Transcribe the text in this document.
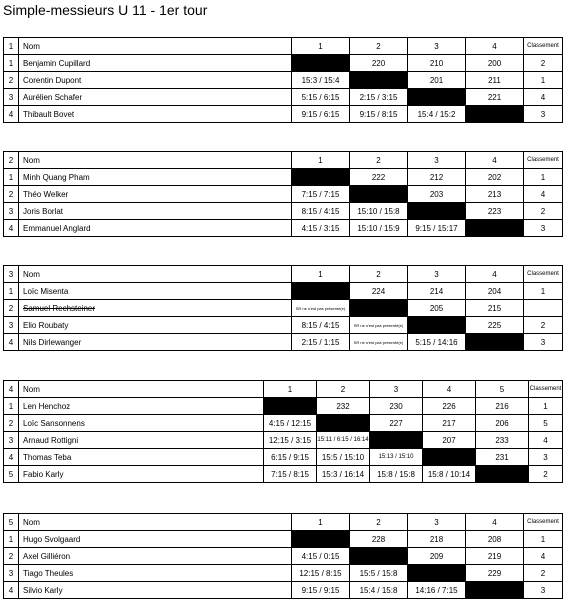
Simple-messieurs U 11 - 1er tour
1	Nom	1	2	3	4	Classement
1	Benjamin Cupillard		220	210	200	2
2	Corentin Dupont	15:3 / 15:4		201	211	1
3	Aurélien Schafer	5:15 / 6:15	2:15 / 3:15		221	4
4	Thibault Bovet	9:15 / 6:15	9:15 / 8:15	15:4 / 15:2		3
2	Nom	1	2	3	4	Classement
1	Minh Quang Pham		222	212	202	1
2	Théo Welker	7:15 / 7:15		203	213	4
3	Joris Borlat	8:15 / 4:15	15:10 / 15:8		223	2
4	Emmanuel Anglard	4:15 / 3:15	15:10 / 15:9	9:15 / 15:17		3
3	Nom	1	2	3	4	Classement
1	Loïc Misenta		224	214	204	1
2	Samuel Rechsteiner	SR ne s'est pas présenté(e)		205	215	
3	Elio Roubaty	8:15 / 4:15	SR ne s'est pas présenté(e)		225	2
4	Nils Dirlewanger	2:15 / 1:15	SR ne s'est pas présenté(e)	5:15 / 14:16		3
4	Nom	1	2	3	4	5	Classement
1	Len Henchoz		232	230	226	216	1
2	Loïc Sansonnens	4:15 / 12:15		227	217	206	5
3	Arnaud Rottigni	12:15 / 3:15	15:11 / 6:15 / 16:14		207	233	4
4	Thomas Teba	6:15 / 9:15	15:5 / 15:10	15:13 / 15:10		231	3
5	Fabio Karly	7:15 / 8:15	15:3 / 16:14	15:8 / 15:8	15:8 / 10:14		2
5	Nom	1	2	3	4	Classement
1	Hugo Svolgaard		228	218	208	1
2	Axel Gilliéron	4:15 / 0:15		209	219	4
3	Tiago Theules	12:15 / 8:15	15:5 / 15:8		229	2
4	Silvio Karly	9:15 / 9:15	15:4 / 15:8	14:16 / 7:15		3
